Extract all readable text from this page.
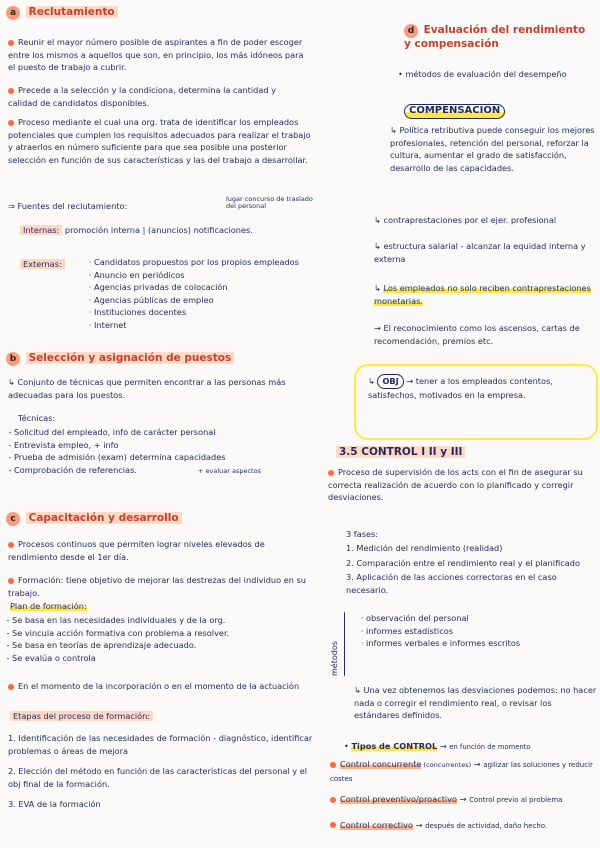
a Reclutamiento
Reunir el mayor número posible de aspirantes a fin de poder escoger entre los mismos a aquellos que son, en principio, los más idóneos para el puesto de trabajo a cubrir.
Precede a la selección y la condiciona, determina la cantidad y calidad de candidatos disponibles.
Proceso mediante el cual una org. trata de identificar los empleados potenciales que cumplen los requisitos adecuados para realizar el trabajo y atraerlos en número suficiente para que sea posible una posterior selección en función de sus características y las del trabajo a desarrollar.
⇒ Fuentes del reclutamiento:
lugar concurso de traslado del personal
Internas: promoción interna | (anuncios) notificaciones.
Externas:
·	Candidatos propuestos por los propios empleados
· Anuncio en periódicos
· Agencias privadas de colocación
· Agencias públicas de empleo
· Instituciones docentes
· Internet
b Selección y asignación de puestos
↳ Conjunto de técnicas que permiten encontrar a las personas más adecuadas para los puestos.
Técnicas:
- Solicitud del empleado, info de carácter personal
- Entrevista empleo, + info
- Prueba de admisión (exam) determina capacidades
- Comprobación de referencias.	+ evaluar aspectos
c Capacitación y desarrollo
Procesos continuos que permiten lograr niveles elevados de rendimiento desde el 1er día.
Formación: tiene objetivo de mejorar las destrezas del individuo en su trabajo.
Plan de formación:
- Se basa en las necesidades individuales y de la org.
- Se vincula acción formativa con problema a resolver.
- Se basa en teorías de aprendizaje adecuado.
- Se evalúa o controla
En el momento de la incorporación o en el momento de la actuación
Etapas del proceso de formación:
1. Identificación de las necesidades de formación - diagnóstico, identificar problemas o áreas de mejora
2. Elección del método en función de las características del personal y el obj final de la formación.
3. EVA de la formación
d Evaluación del rendimiento y compensación
• métodos de evaluación del desempeño
COMPENSACIÓN
↳ Política retributiva puede conseguir los mejores profesionales, retención del personal, reforzar la cultura, aumentar el grado de satisfacción, desarrollo de las capacidades.
↳ contraprestaciones por el ejer. profesional
↳ estructura salarial - alcanzar la equidad interna y externa
↳ Los empleados no solo reciben contraprestaciones monetarias.
→ El reconocimiento como los ascensos, cartas de recomendación, premios etc.
↳ OBJ → tener a los empleados contentos, satisfechos, motivados en la empresa.
3.5 CONTROL I II y III
Proceso de supervisión de los acts con el fin de asegurar su correcta realización de acuerdo con lo planificado y corregir desviaciones.
3 fases:
1. Medición del rendimiento (realidad)
2. Comparación entre el rendimiento real y el planificado
3. Aplicación de las acciones correctoras en el caso necesario.
métodos
· observación del personal
· informes estadísticos
· informes verbales e informes escritos
↳ Una vez obtenemos las desviaciones podemos: no hacer nada o corregir el rendimiento real, o revisar los estándares definidos.
• Tipos de CONTROL → en función de momento
Control concurrente (concurrentes) → agilizar las soluciones y reducir costes
Control preventivo/proactivo → Control previo al problema
Control correctivo → después de actividad, daño hecho.
